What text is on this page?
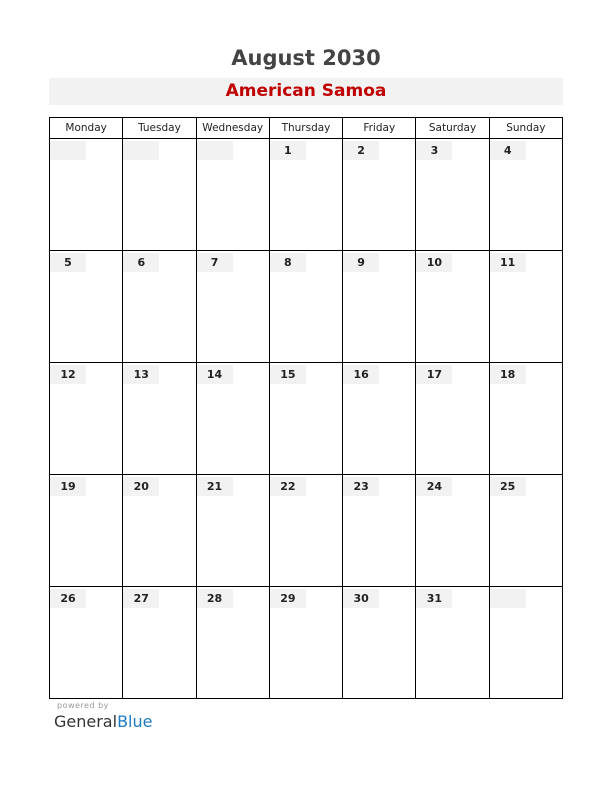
August 2030
American Samoa
Monday	Tuesday	Wednesday	Thursday	Friday	Saturday	Sunday

			1	2	3	4

5	6	7	8	9	10	11

12	13	14	15	16	17	18

19	20	21	22	23	24	25

26	27	28	29	30	31	

powered by
GeneralBlue
